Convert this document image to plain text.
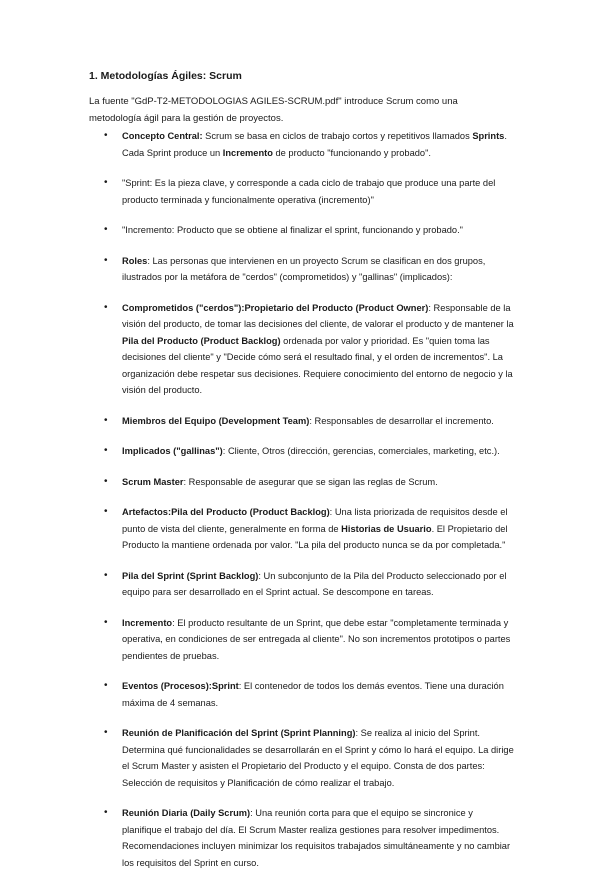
1. Metodologías Ágiles: Scrum

La fuente "GdP-T2-METODOLOGIAS AGILES-SCRUM.pdf" introduce Scrum como una metodología ágil para la gestión de proyectos.

• Concepto Central: Scrum se basa en ciclos de trabajo cortos y repetitivos llamados Sprints. Cada Sprint produce un Incremento de producto "funcionando y probado".
• "Sprint: Es la pieza clave, y corresponde a cada ciclo de trabajo que produce una parte del producto terminada y funcionalmente operativa (incremento)"
• "Incremento: Producto que se obtiene al finalizar el sprint, funcionando y probado."
• Roles: Las personas que intervienen en un proyecto Scrum se clasifican en dos grupos, ilustrados por la metáfora de "cerdos" (comprometidos) y "gallinas" (implicados):
• Comprometidos ("cerdos"):Propietario del Producto (Product Owner): Responsable de la visión del producto, de tomar las decisiones del cliente, de valorar el producto y de mantener la Pila del Producto (Product Backlog) ordenada por valor y prioridad. Es "quien toma las decisiones del cliente" y "Decide cómo será el resultado final, y el orden de incrementos". La organización debe respetar sus decisiones. Requiere conocimiento del entorno de negocio y la visión del producto.
• Miembros del Equipo (Development Team): Responsables de desarrollar el incremento.
• Implicados ("gallinas"): Cliente, Otros (dirección, gerencias, comerciales, marketing, etc.).
• Scrum Master: Responsable de asegurar que se sigan las reglas de Scrum.
• Artefactos:Pila del Producto (Product Backlog): Una lista priorizada de requisitos desde el punto de vista del cliente, generalmente en forma de Historias de Usuario. El Propietario del Producto la mantiene ordenada por valor. "La pila del producto nunca se da por completada."
• Pila del Sprint (Sprint Backlog): Un subconjunto de la Pila del Producto seleccionado por el equipo para ser desarrollado en el Sprint actual. Se descompone en tareas.
• Incremento: El producto resultante de un Sprint, que debe estar "completamente terminada y operativa, en condiciones de ser entregada al cliente". No son incrementos prototipos o partes pendientes de pruebas.
• Eventos (Procesos):Sprint: El contenedor de todos los demás eventos. Tiene una duración máxima de 4 semanas.
• Reunión de Planificación del Sprint (Sprint Planning): Se realiza al inicio del Sprint. Determina qué funcionalidades se desarrollarán en el Sprint y cómo lo hará el equipo. La dirige el Scrum Master y asisten el Propietario del Producto y el equipo. Consta de dos partes: Selección de requisitos y Planificación de cómo realizar el trabajo.
• Reunión Diaria (Daily Scrum): Una reunión corta para que el equipo se sincronice y planifique el trabajo del día. El Scrum Master realiza gestiones para resolver impedimentos. Recomendaciones incluyen minimizar los requisitos trabajados simultáneamente y no cambiar los requisitos del Sprint en curso.
